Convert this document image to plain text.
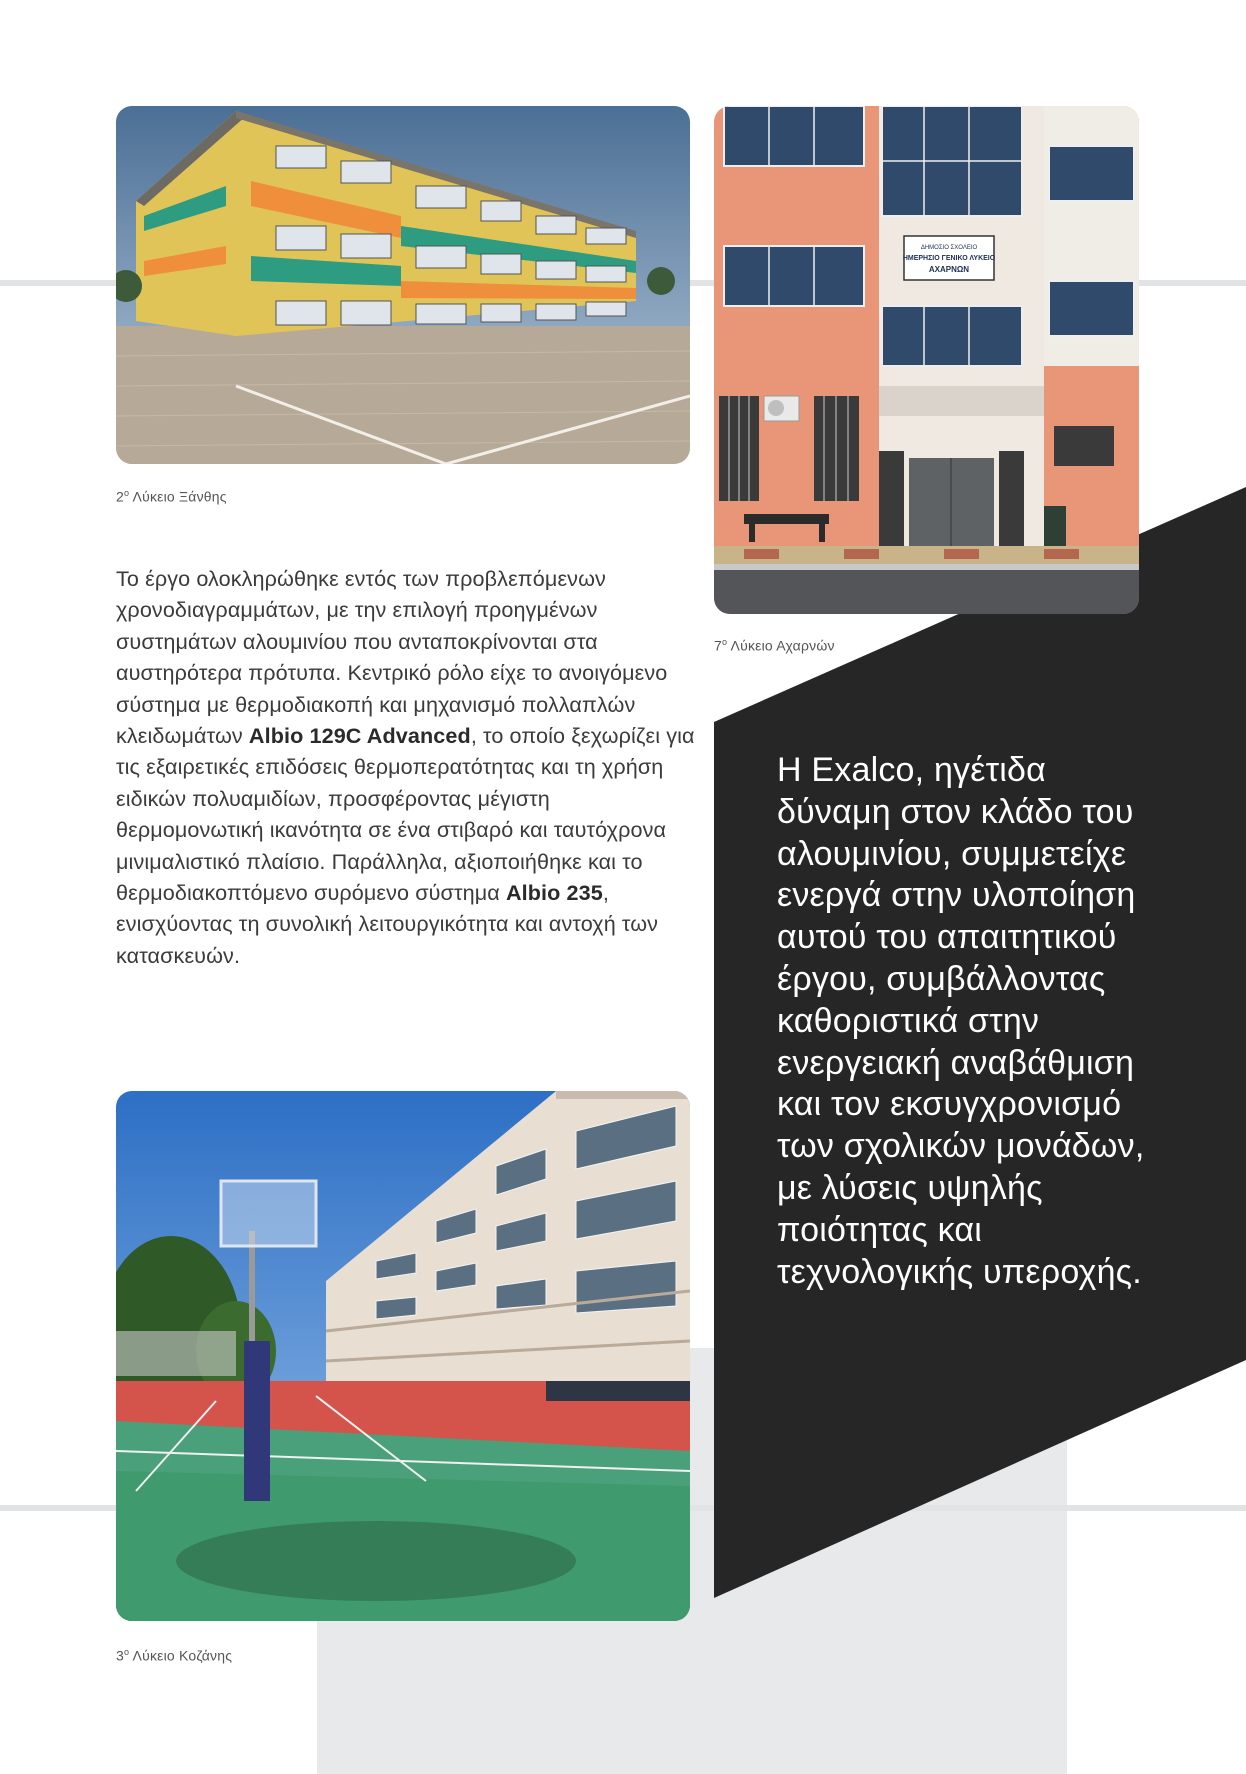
$2^o$ Λύκειο Ξάνθης
ΔΗΜΟΣΙΟ ΣΧΟΛΕΙΟ
ΗΜΕΡΗΣΙΟ ΓΕΝΙΚΟ ΛΥΚΕΙΟ
ΑΧΑΡΝΩΝ
$7^o$ Λύκειο Αχαρνών
Το έργο ολοκληρώθηκε εντός των προβλεπόμενων χρονοδιαγραμμάτων, με την επιλογή προηγμένων συστημάτων αλουμινίου που ανταποκρίνονται στα αυστηρότερα πρότυπα. Κεντρικό ρόλο είχε το ανοιγόμενο σύστημα με θερμοδιακοπή και μηχανισμό πολλαπλών κλειδωμάτων Albio 129C Advanced, το οποίο ξεχωρίζει για τις εξαιρετικές επιδόσεις θερμοπερατότητας και τη χρήση ειδικών πολυαμιδίων, προσφέροντας μέγιστη θερμομονωτική ικανότητα σε ένα στιβαρό και ταυτόχρονα μινιμαλιστικό πλαίσιο. Παράλληλα, αξιοποιήθηκε και το θερμοδιακοπτόμενο συρόμενο σύστημα Albio 235, ενισχύοντας τη συνολική λειτουργικότητα και αντοχή των κατασκευών.
$3^o$ Λύκειο Κοζάνης
Η Exalco, ηγέτιδα δύναμη στον κλάδο του αλουμινίου, συμμετείχε ενεργά στην υλοποίηση αυτού του απαιτητικού έργου, συμβάλλοντας καθοριστικά στην ενεργειακή αναβάθμιση και τον εκσυγχρονισμό των σχολικών μονάδων, με λύσεις υψηλής ποιότητας και τεχνολογικής υπεροχής.
